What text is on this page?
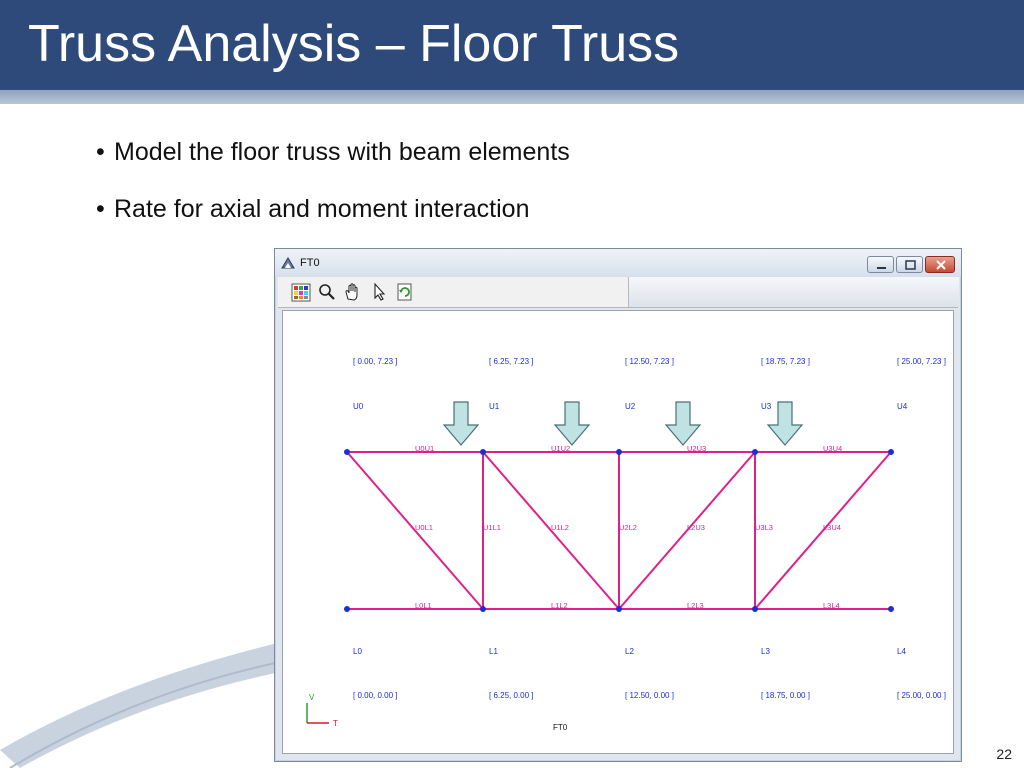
Truss Analysis – Floor Truss
• Model the floor truss with beam elements
• Rate for axial and moment interaction
22
FT0
[ 0.00, 7.23 ]	[ 6.25, 7.23 ]	[ 12.50, 7.23 ]	[ 18.75, 7.23 ]	[ 25.00, 7.23 ]
U0	U1	U2	U3	U4
L0	L1	L2	L3	L4
[ 0.00, 0.00 ]	[ 6.25, 0.00 ]	[ 12.50, 0.00 ]	[ 18.75, 0.00 ]	[ 25.00, 0.00 ]
U0U1	U1U2	U2U3	U3U4
L0L1	L1L2	L2L3	L3L4
U0L1	U1L1	U1L2	U2L2	L2U3	U3L3	L3U4
V
T	FT0
